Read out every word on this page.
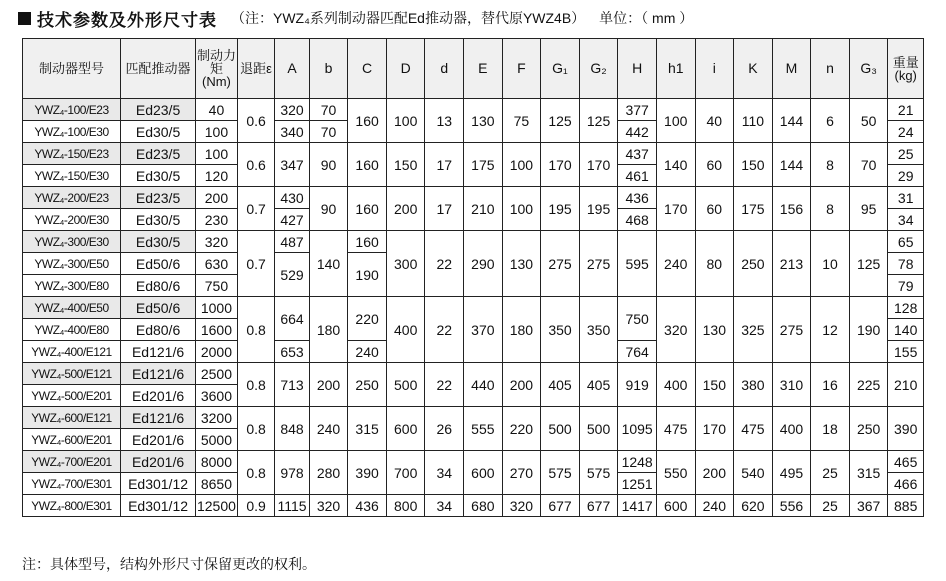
技术参数及外形尺寸表 （注：YWZ₄系列制动器匹配Ed推动器，替代原YWZ4B） 单位：（ mm ）
制动器型号	匹配推动器	制动力矩(Nm)	退距ε	A	b	C	D	d	E	F	G₁	G₂	H	h1	i	K	M	n	G₃	重量(kg)
YWZ₄-100/E23	Ed23/5	40	0.6	320	70	160	100	13	130	75	125	125	377	100	40	110	144	6	50	21
YWZ₄-100/E30	Ed30/5	100		340	70								442							24
YWZ₄-150/E23	Ed23/5	100	0.6	347	90	160	150	17	175	100	170	170	437	140	60	150	144	8	70	25
YWZ₄-150/E30	Ed30/5	120											461							29
YWZ₄-200/E23	Ed23/5	200	0.7	430	90	160	200	17	210	100	195	195	436	170	60	175	156	8	95	31
YWZ₄-200/E30	Ed30/5	230		427									468							34
YWZ₄-300/E30	Ed30/5	320	0.7	487	140	160	300	22	290	130	275	275	595	240	80	250	213	10	125	65
YWZ₄-300/E50	Ed50/6	630		529		190														78
YWZ₄-300/E80	Ed80/6	750																		79
YWZ₄-400/E50	Ed50/6	1000	0.8	664	180	220	400	22	370	180	350	350	750	320	130	325	275	12	190	128
YWZ₄-400/E80	Ed80/6	1600																		140
YWZ₄-400/E121	Ed121/6	2000		653		240							764							155
YWZ₄-500/E121	Ed121/6	2500	0.8	713	200	250	500	22	440	200	405	405	919	400	150	380	310	16	225	210
YWZ₄-500/E201	Ed201/6	3600																		
YWZ₄-600/E121	Ed121/6	3200	0.8	848	240	315	600	26	555	220	500	500	1095	475	170	475	400	18	250	390
YWZ₄-600/E201	Ed201/6	5000																		
YWZ₄-700/E201	Ed201/6	8000	0.8	978	280	390	700	34	600	270	575	575	1248	550	200	540	495	25	315	465
YWZ₄-700/E301	Ed301/12	8650											1251							466
YWZ₄-800/E301	Ed301/12	12500	0.9	1115	320	436	800	34	680	320	677	677	1417	600	240	620	556	25	367	885
注：具体型号，结构外形尺寸保留更改的权利。
